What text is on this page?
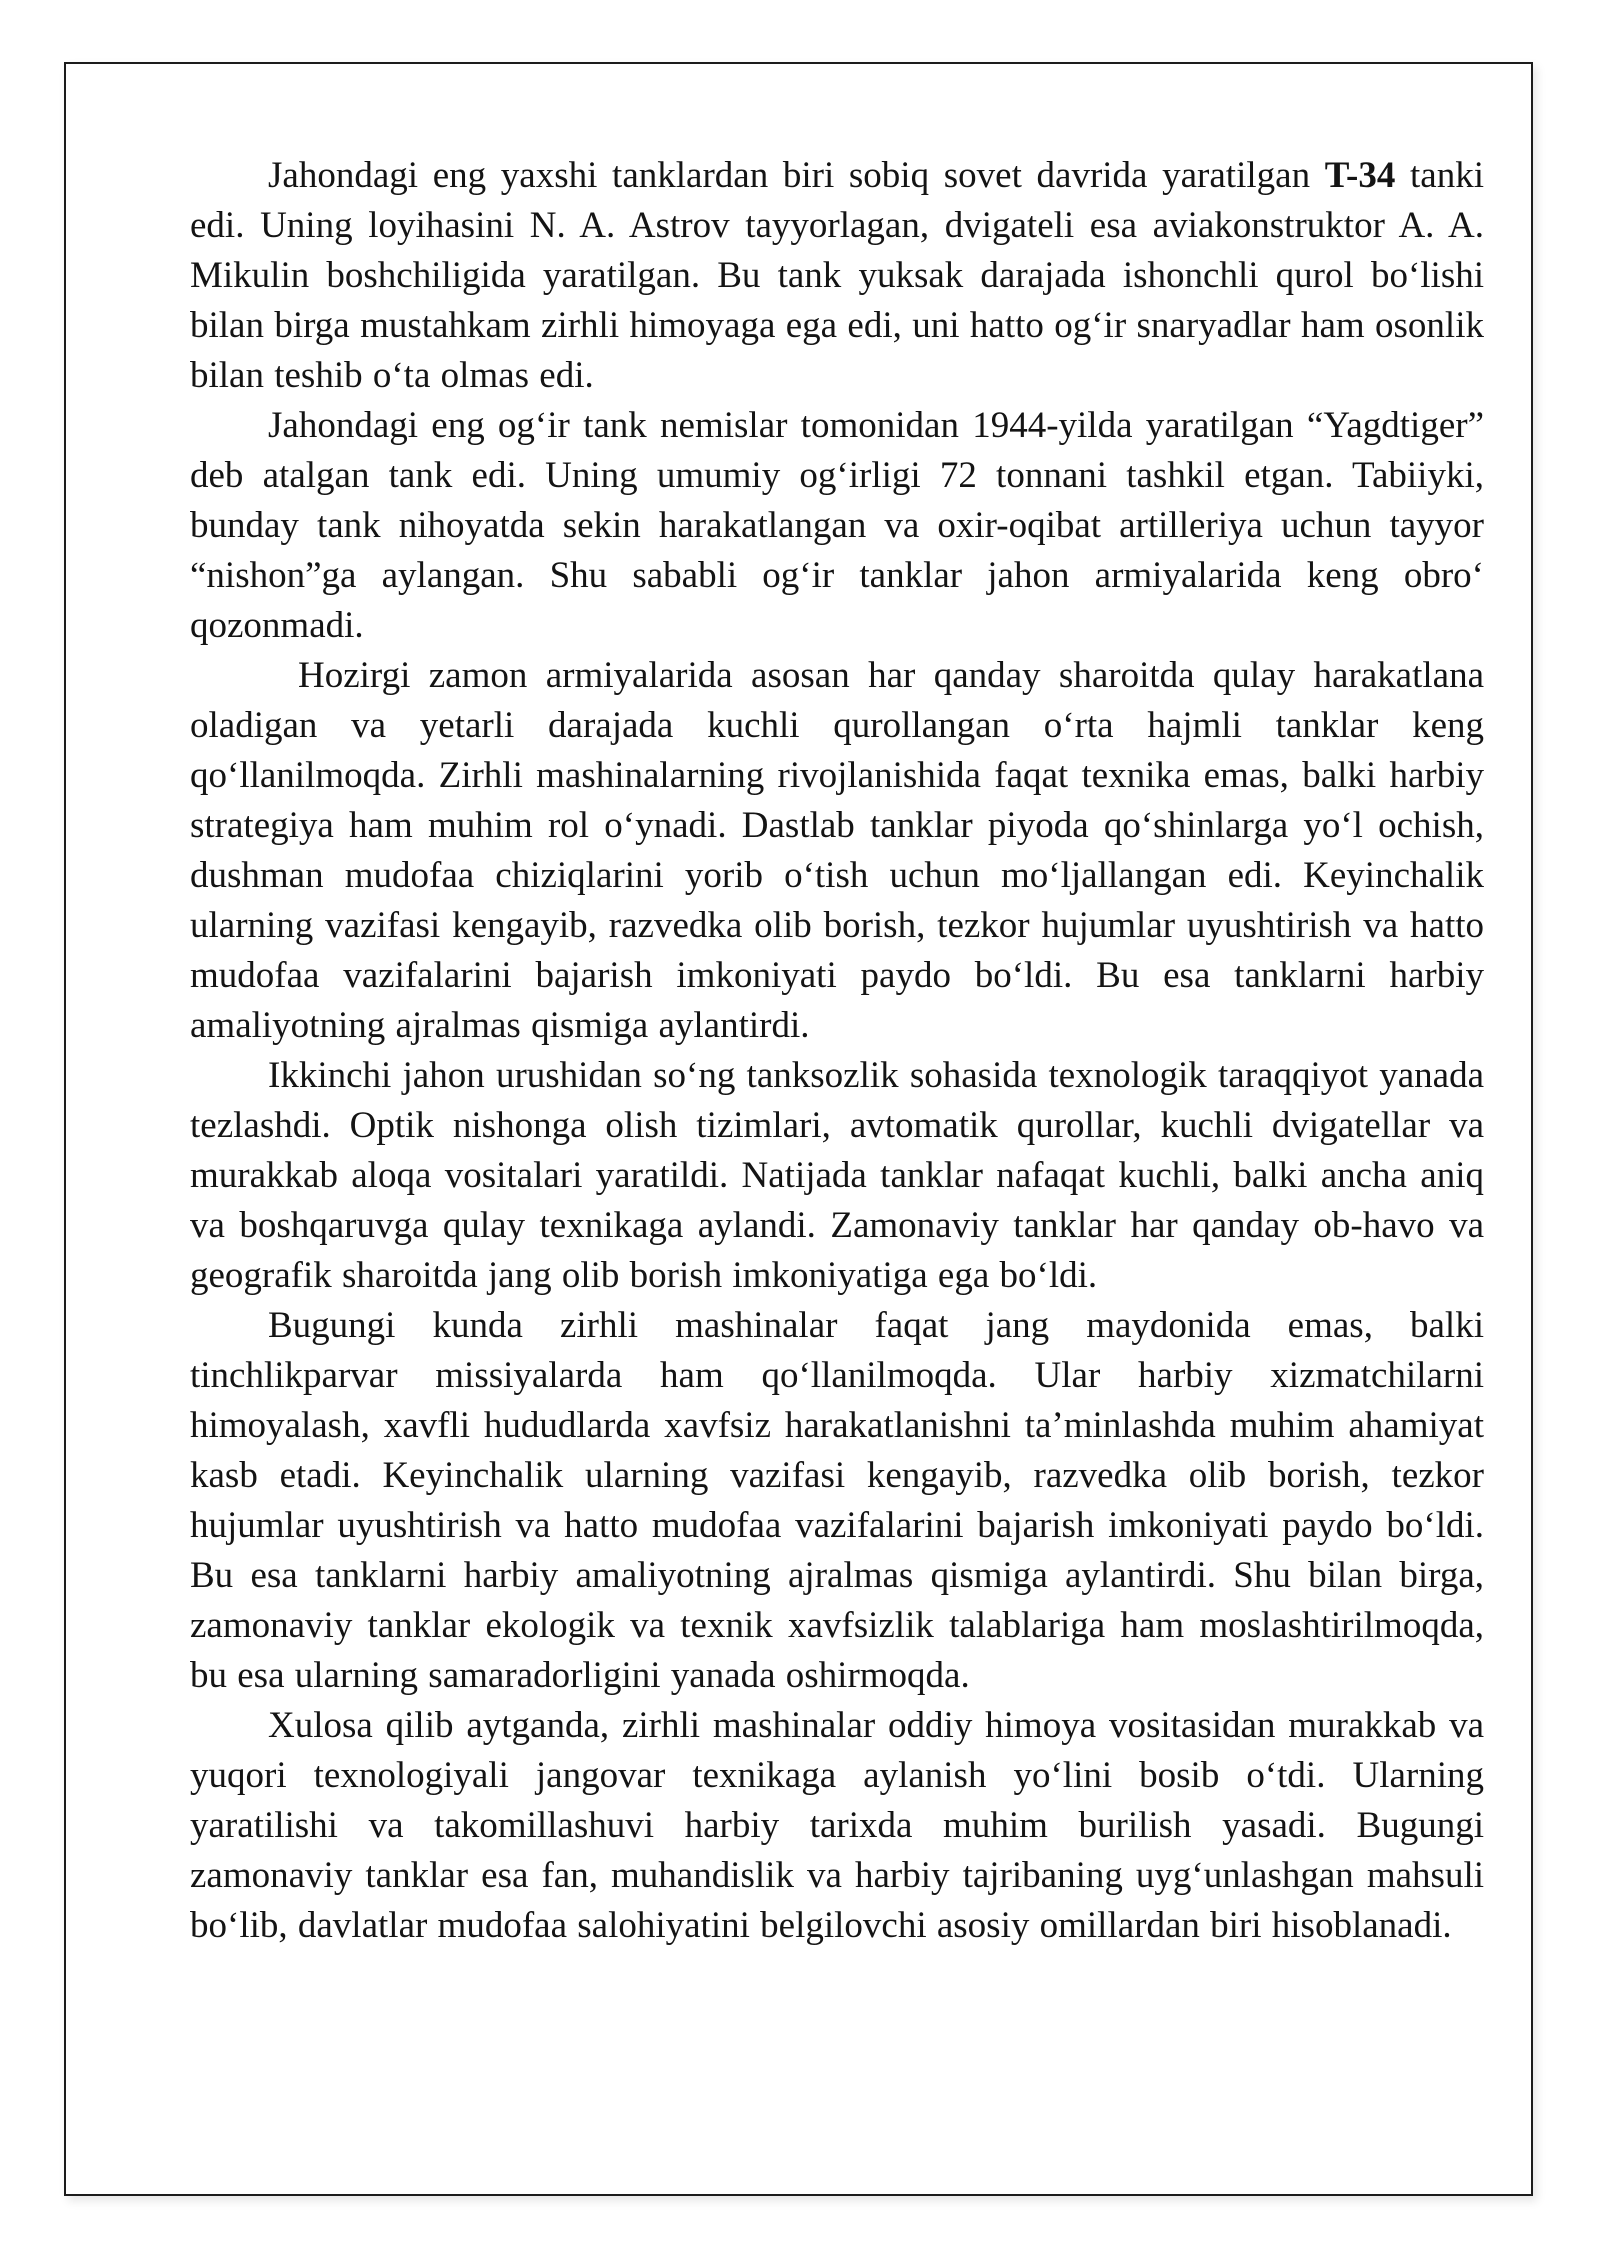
Jahondagi eng yaxshi tanklardan biri sobiq sovet davrida yaratilgan T-34 tanki edi. Uning loyihasini N. A. Astrov tayyorlagan, dvigateli esa aviakonstruktor A. A. Mikulin boshchiligida yaratilgan. Bu tank yuksak darajada ishonchli qurol bo‘lishi bilan birga mustahkam zirhli himoyaga ega edi, uni hatto og‘ir snaryadlar ham osonlik bilan teshib o‘ta olmas edi.

Jahondagi eng og‘ir tank nemislar tomonidan 1944-yilda yaratilgan “Yagdtiger” deb atalgan tank edi. Uning umumiy og‘irligi 72 tonnani tashkil etgan. Tabiiyki, bunday tank nihoyatda sekin harakatlangan va oxir-oqibat artilleriya uchun tayyor “nishon”ga aylangan. Shu sababli og‘ir tanklar jahon armiyalarida keng obro‘ qozonmadi.

Hozirgi zamon armiyalarida asosan har qanday sharoitda qulay harakatlana oladigan va yetarli darajada kuchli qurollangan o‘rta hajmli tanklar keng qo‘llanilmoqda. Zirhli mashinalarning rivojlanishida faqat texnika emas, balki harbiy strategiya ham muhim rol o‘ynadi. Dastlab tanklar piyoda qo‘shinlarga yo‘l ochish, dushman mudofaa chiziqlarini yorib o‘tish uchun mo‘ljallangan edi. Keyinchalik ularning vazifasi kengayib, razvedka olib borish, tezkor hujumlar uyushtirish va hatto mudofaa vazifalarini bajarish imkoniyati paydo bo‘ldi. Bu esa tanklarni harbiy amaliyotning ajralmas qismiga aylantirdi.

Ikkinchi jahon urushidan so‘ng tanksozlik sohasida texnologik taraqqiyot yanada tezlashdi. Optik nishonga olish tizimlari, avtomatik qurollar, kuchli dvigatellar va murakkab aloqa vositalari yaratildi. Natijada tanklar nafaqat kuchli, balki ancha aniq va boshqaruvga qulay texnikaga aylandi. Zamonaviy tanklar har qanday ob-havo va geografik sharoitda jang olib borish imkoniyatiga ega bo‘ldi.

Bugungi kunda zirhli mashinalar faqat jang maydonida emas, balki tinchlikparvar missiyalarda ham qo‘llanilmoqda. Ular harbiy xizmatchilarni himoyalash, xavfli hududlarda xavfsiz harakatlanishni ta’minlashda muhim ahamiyat kasb etadi. Keyinchalik ularning vazifasi kengayib, razvedka olib borish, tezkor hujumlar uyushtirish va hatto mudofaa vazifalarini bajarish imkoniyati paydo bo‘ldi. Bu esa tanklarni harbiy amaliyotning ajralmas qismiga aylantirdi. Shu bilan birga, zamonaviy tanklar ekologik va texnik xavfsizlik talablariga ham moslashtirilmoqda, bu esa ularning samaradorligini yanada oshirmoqda.

Xulosa qilib aytganda, zirhli mashinalar oddiy himoya vositasidan murakkab va yuqori texnologiyali jangovar texnikaga aylanish yo‘lini bosib o‘tdi. Ularning yaratilishi va takomillashuvi harbiy tarixda muhim burilish yasadi. Bugungi zamonaviy tanklar esa fan, muhandislik va harbiy tajribaning uyg‘unlashgan mahsuli bo‘lib, davlatlar mudofaa salohiyatini belgilovchi asosiy omillardan biri hisoblanadi.
